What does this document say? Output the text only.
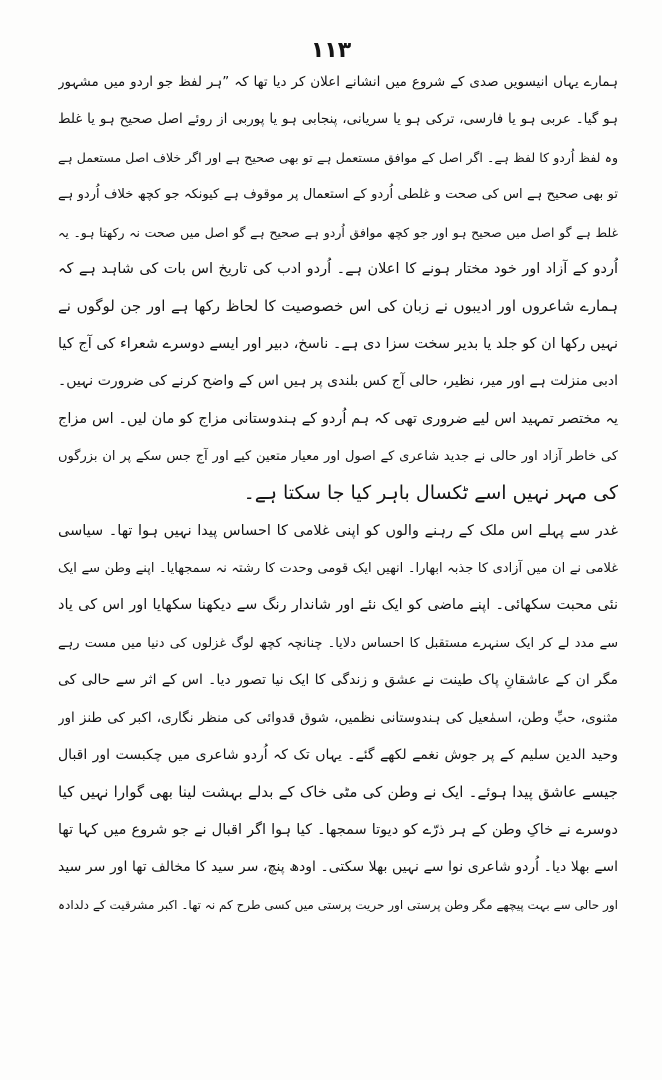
۱۱۳
ہمارے یہاں انیسویں صدی کے شروع میں انشانے اعلان کر دیا تھا کہ ”ہر لفظ جو اردو میں مشہور
ہو گیا۔ عربی ہو یا فارسی، ترکی ہو یا سریانی، پنجابی ہو یا پوربی از روئے اصل صحیح ہو یا غلط
وہ لفظ اُردو کا لفظ ہے۔ اگر اصل کے موافق مستعمل ہے تو بھی صحیح ہے اور اگر خلاف اصل مستعمل ہے
تو بھی صحیح ہے اس کی صحت و غلطی اُردو کے استعمال پر موقوف ہے کیونکہ جو کچھ خلاف اُردو ہے
غلط ہے گو اصل میں صحیح ہو اور جو کچھ موافق اُردو ہے صحیح ہے گو اصل میں صحت نہ رکھتا ہو۔ یہ
اُردو کے آزاد اور خود مختار ہونے کا اعلان ہے۔ اُردو ادب کی تاریخ اس بات کی شاہد ہے کہ
ہمارے شاعروں اور ادیبوں نے زبان کی اس خصوصیت کا لحاظ رکھا ہے اور جن لوگوں نے
نہیں رکھا ان کو جلد یا بدیر سخت سزا دی ہے۔ ناسخ، دبیر اور ایسے دوسرے شعراء کی آج کیا
ادبی منزلت ہے اور میر، نظیر، حالی آج کس بلندی پر ہیں اس کے واضح کرنے کی ضرورت نہیں۔
یہ مختصر تمہید اس لیے ضروری تھی کہ ہم اُردو کے ہندوستانی مزاج کو مان لیں۔ اس مزاج
کی خاطر آزاد اور حالی نے جدید شاعری کے اصول اور معیار متعین کیے اور آج جس سکے پر ان بزرگوں
کی مہر نہیں اسے ٹکسال باہر کیا جا سکتا ہے۔
غدر سے پہلے اس ملک کے رہنے والوں کو اپنی غلامی کا احساس پیدا نہیں ہوا تھا۔ سیاسی
غلامی نے ان میں آزادی کا جذبہ ابھارا۔ انھیں ایک قومی وحدت کا رشتہ نہ سمجھایا۔ اپنے وطن سے ایک
نئی محبت سکھائی۔ اپنے ماضی کو ایک نئے اور شاندار رنگ سے دیکھنا سکھایا اور اس کی یاد
سے مدد لے کر ایک سنہرے مستقبل کا احساس دلایا۔ چنانچہ کچھ لوگ غزلوں کی دنیا میں مست رہے
مگر ان کے عاشقانِ پاک طینت نے عشق و زندگی کا ایک نیا تصور دیا۔ اس کے اثر سے حالی کی
مثنوی، حبِّ وطن، اسمٰعیل کی ہندوستانی نظمیں، شوق قدوائی کی منظر نگاری، اکبر کی طنز اور
وحید الدین سلیم کے پر جوش نغمے لکھے گئے۔ یہاں تک کہ اُردو شاعری میں چکبست اور اقبال
جیسے عاشق پیدا ہوئے۔ ایک نے وطن کی مٹی خاک کے بدلے بہشت لینا بھی گوارا نہیں کیا
دوسرے نے خاکِ وطن کے ہر ذرّے کو دیوتا سمجھا۔ کیا ہوا اگر اقبال نے جو شروع میں کہا تھا
اسے بھلا دیا۔ اُردو شاعری نوا سے نہیں بھلا سکتی۔ اودھ پنچ، سر سید کا مخالف تھا اور سر سید
اور حالی سے بہت پیچھے مگر وطن پرستی اور حریت پرستی میں کسی طرح کم نہ تھا۔ اکبر مشرقیت کے دلدادہ
